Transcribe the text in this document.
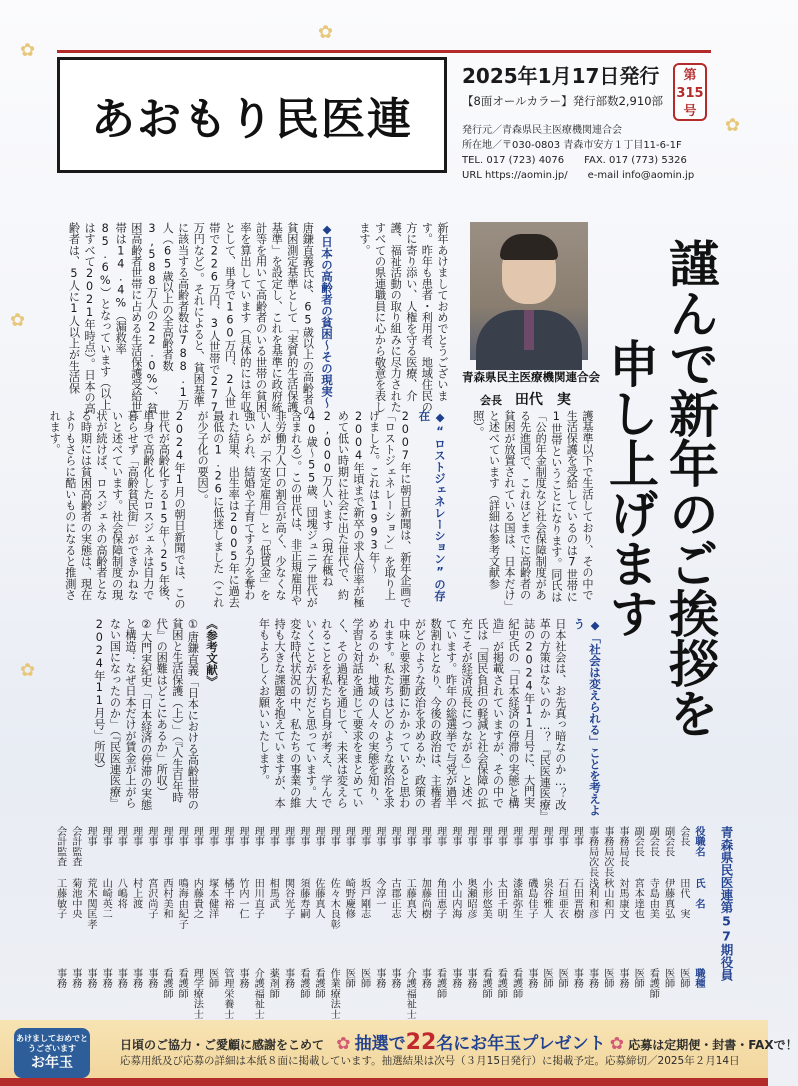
✿
✿
✿
✿
✿
あおもり民医連
2025年1月17日発行	第
315
号
【8面オールカラー】発行部数2,910部
発行元／青森県民主医療機関連合会
所在地／〒030-0803 青森市安方１丁目11-6-1F
TEL. 017 (723) 4076　　FAX. 017 (773) 5326
URL https://aomin.jp/　　e-mail info@aomin.jp
謹んで新年のご挨拶を
申し上げます
青森県民主医療機関連合会
会長 田代　実

新年あけましておめでとうございます。昨年も患者・利用者、地域住民の方に寄り添い、人権を守る医療、介護、福祉活動の取り組みに尽力されたすべての県連職員に心から敬意を表します。

◆日本の高齢者の貧困～その現実～

唐鎌直義氏は、65歳以上の高齢者の貧困測定基準として「実質的生活保護基準」を設定し、これを基準に政府統計等を用いて高齢者のいる世帯の貧困率を算出しています（具体的には年収として、単身で160万円、2人世帯で226万円、3人世帯で277万円など）。それによると、貧困基準に該当する高齢者数は788.1万人（65歳以上の全高齢者数3,588万人の22.0%）、貧困高齢者世帯に占める生活保護受給世帯は14.4%（漏救率85.6%）となっています（以上はすべて2021年時点）。日本の高齢者は、5人に1人以上が生活保

護基準以下で生活しており、その中で生活保護を受給しているのは7世帯に1世帯ということになります。同氏は「公的年金制度など社会保障制度がある先進国で、これほどまでに高齢者の貧困が放置されている国は、日本だけ」と述べています（詳細は参考文献参照）。

◆“ロストジェネレーション”の存在

2007年に朝日新聞は、新年企画で「ロストジェネレーション」を取り上げました。これは1993年～2004年頃まで新卒の求人倍率が極めて低い時期に社会に出た世代で、約2,000万人います（現在概ね40歳～55歳、団塊ジュニア世代が含まれる）。この世代は、非正規雇用や非労働力人口の割合が高く、少なくない人が「不安定雇用」と「低賃金」を強いられ、結婚や子育てする力を奪われた結果、出生率は2005年に過去最低の1.26に低迷しました（これが少子化の要因）。

2024年1月の朝日新聞では、この世代が高齢化する15年～25年後、単身で高齢化したロスジェネは自力で暮らせず「高齢貧民街」ができかねないと述べています。社会保障制度の現状が続けば、ロスジェネの高齢者となる時期には貧困高齢者の実態は、現在よりもさらに酷いものになると推測されます。

◆「社会は変えられる」ことを考えよう

日本社会は、お先真っ暗なのか…？改革の方策はないのか…？『民医連医療』誌の2024年11月号に、大門実紀史氏の「日本経済の停滞の実態と構造」が掲載されていますが、その中で氏は「国民負担の軽減と社会保障の拡充こそが経済成長につながる」と述べています。昨年の総選挙で与党が過半数割れとなり、今後の政治は、主権者がどのような政治を求めるか、政策の中味と要求運動にかかっていると思われます。私たちはどのような政治を求めるのか、地域の人々の実態を知り、学習と対話を通じて要求をまとめていく、その過程を通じて、未来は変えられることを私たち自身が考え、学んでいくことが大切だと思っています。大変な時代状況の中、私たちの事業の維持も大きな課題を抱えていますが、本年もよろしくお願いいたします。

《参考文献》

①唐鎌直義「日本における高齢世帯の貧困と生活保護（上）」（『人生百年時代』の困難はどこにあるか」所収）

②大門実紀史「日本経済の停滞の実態と構造：なぜ日本だけが賃金が上がらない国になったのか」（『民医連医療』2024年11月号」所収）

青森県民医連第57期役員
役職名
氏　名
職種
会長
田代　実
医師
副会長
伊藤真弘
医師
副会長
寺島由美
看護師
副会長
宮本達也
医師
事務局長
対馬康文
事務
事務局次長
秋山和円
医師
事務局次長
浅利和彦
事務
理事
石田晋樹
事務
理事
石垣亜衣
医師
理事
泉谷雅人
医師
理事
磯島佳子
事務
理事
漆舘弥生
看護師
理事
太田千明
看護師
理事
小形悠美
看護師
理事
奥瀬昭彦
事務
理事
小山内海
事務
理事
角田恵子
看護師
理事
加藤尚樹
事務
理事
工藤真大
介護福祉士
理事
古郡正志
事務
理事
今淳一
事務
理事
坂戸剛志
医師
理事
崎野慶修
医師
理事
佐々木良彰
作業療法士
理事
佐藤真人
看護師
理事
須藤寿嗣
看護師
理事
関谷光子
事務
理事
相馬武
薬剤師
理事
田川直子
介護福祉士
理事
竹内一仁
事務
理事
橘千裕
管理栄養士
理事
塚本健洋
医師
理事
内藤貴之
理学療法士
理事
鳴海由紀子
看護師
理事
西村美和
看護師
理事
宮沢尚子
事務
理事
村上渡
事務
理事
八嶋将
事務
理事
山崎英二
事務
理事
荒木関匡孝
事務
会計監査
菊池中央
事務
会計監査
工藤敏子
事務
あけましておめでとうございます
お年玉
日頃のご協力・ご愛顧に感謝をこめて ✿ 抽選で22名にお年玉プレゼント ✿ 応募は定期便・封書・FAXで！
応募用紙及び応募の詳細は本紙８面に掲載しています。抽選結果は次号（３月15日発行）に掲載予定。応募締切／2025年２月14日
